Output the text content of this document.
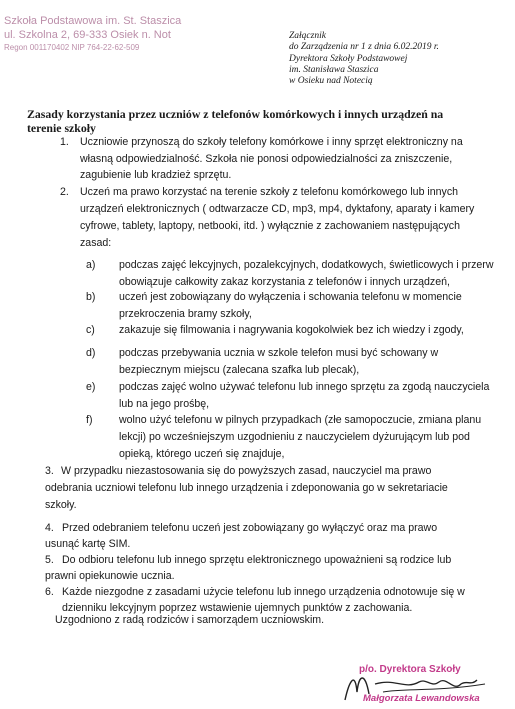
Szkoła Podstawowa im. St. Staszica
ul. Szkolna 2, 69-333 Osiek n. Not
Regon 001170402 NIP 764-22-62-509
Załącznik
do Zarządzenia nr 1 z dnia 6.02.2019 r.
Dyrektora Szkoły Podstawowej
im. Stanisława Staszica
w Osieku nad Notecią
Zasady korzystania przez uczniów z telefonów komórkowych i innych urządzeń na
terenie szkoły
1. Uczniowie przynoszą do szkoły telefony komórkowe i inny sprzęt elektroniczny na
własną odpowiedzialność. Szkoła nie ponosi odpowiedzialności za zniszczenie,
zagubienie lub kradzież sprzętu.
2. Uczeń ma prawo korzystać na terenie szkoły z telefonu komórkowego lub innych
urządzeń elektronicznych ( odtwarzacze CD, mp3, mp4, dyktafony, aparaty i kamery
cyfrowe, tablety, laptopy, netbooki, itd. ) wyłącznie z zachowaniem następujących
zasad:
a) podczas zajęć lekcyjnych, pozalekcyjnych, dodatkowych, świetlicowych i przerw
obowiązuje całkowity zakaz korzystania z telefonów i innych urządzeń,
b) uczeń jest zobowiązany do wyłączenia i schowania telefonu w momencie
przekroczenia bramy szkoły,
c) zakazuje się filmowania i nagrywania kogokolwiek bez ich wiedzy i zgody,
d) podczas przebywania ucznia w szkole telefon musi być schowany w
bezpiecznym miejscu (zalecana szafka lub plecak),
e) podczas zajęć wolno używać telefonu lub innego sprzętu za zgodą nauczyciela
lub na jego prośbę,
f)	wolno użyć telefonu w pilnych przypadkach (złe samopoczucie, zmiana planu
lekcji) po wcześniejszym uzgodnieniu z nauczycielem dyżurującym lub pod
opieką, którego uczeń się znajduje,
3. W przypadku niezastosowania się do powyższych zasad, nauczyciel ma prawo
odebrania uczniowi telefonu lub innego urządzenia i zdeponowania go w sekretariacie
szkoły.
4. Przed odebraniem telefonu uczeń jest zobowiązany go wyłączyć oraz ma prawo
usunąć kartę SIM.
5. Do odbioru telefonu lub innego sprzętu elektronicznego upoważnieni są rodzice lub
prawni opiekunowie ucznia.
6. Każde niezgodne z zasadami użycie telefonu lub innego urządzenia odnotowuje się w
dzienniku lekcyjnym poprzez wstawienie ujemnych punktów z zachowania.
Uzgodniono z radą rodziców i samorządem uczniowskim.
p/o. Dyrektora Szkoły
Małgorzata Lewandowska
